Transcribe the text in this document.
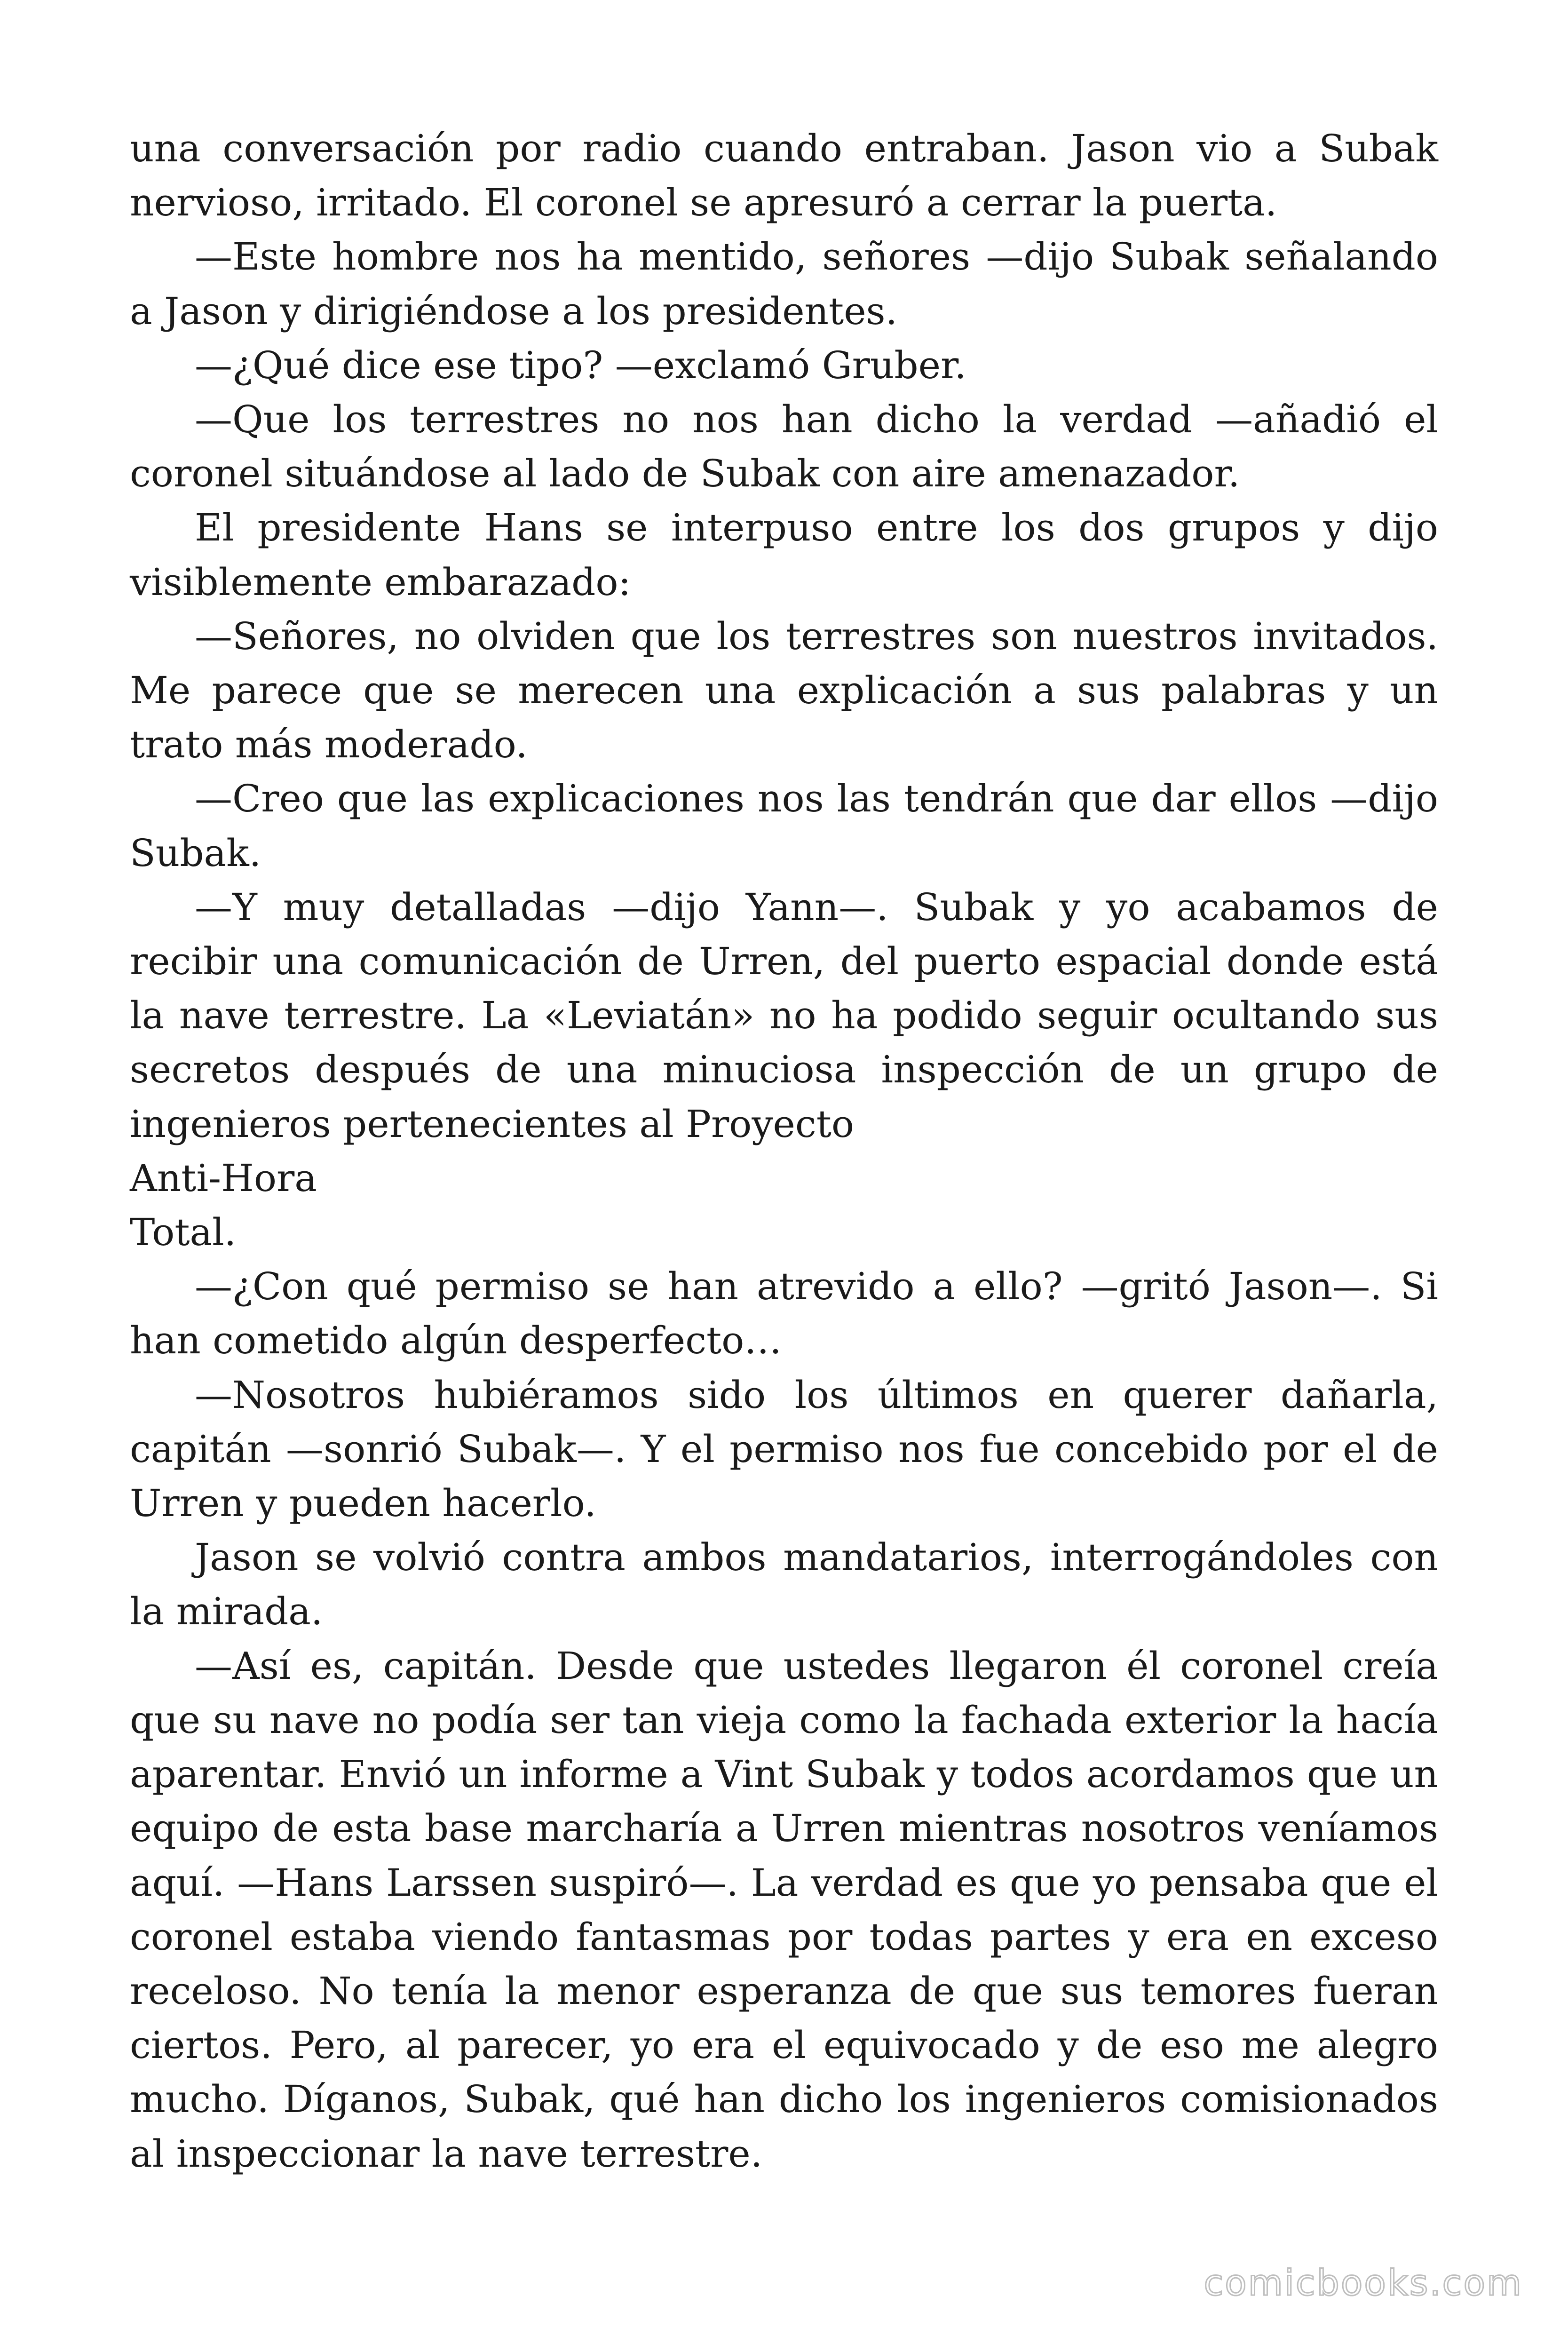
una conversación por radio cuando entraban. Jason vio a Subak nervioso, irritado. El coronel se apresuró a cerrar la puerta.

—Este hombre nos ha mentido, señores —dijo Subak señalando a Jason y dirigiéndose a los presidentes.

—¿Qué dice ese tipo? —exclamó Gruber.

—Que los terrestres no nos han dicho la verdad —añadió el coronel situándose al lado de Subak con aire amenazador.

El presidente Hans se interpuso entre los dos grupos y dijo visiblemente embarazado:

—Señores, no olviden que los terrestres son nuestros invitados. Me parece que se merecen una explicación a sus palabras y un trato más moderado.

—Creo que las explicaciones nos las tendrán que dar ellos —dijo Subak.

—Y muy detalladas —dijo Yann—. Subak y yo acabamos de recibir una comunicación de Urren, del puerto espacial donde está la nave terrestre. La «Leviatán» no ha podido seguir ocultando sus secretos después de una minuciosa inspección de un grupo de ingenieros pertenecientes al Proyecto

Anti-Hora

Total.

—¿Con qué permiso se han atrevido a ello? —gritó Jason—. Si han cometido algún desperfecto…

—Nosotros hubiéramos sido los últimos en querer dañarla, capitán —sonrió Subak—. Y el permiso nos fue concebido por el de Urren y pueden hacerlo.

Jason se volvió contra ambos mandatarios, interrogándoles con la mirada.

—Así es, capitán. Desde que ustedes llegaron él coronel creía que su nave no podía ser tan vieja como la fachada exterior la hacía aparentar. Envió un informe a Vint Subak y todos acordamos que un equipo de esta base marcharía a Urren mientras nosotros veníamos aquí. —Hans Larssen suspiró—. La verdad es que yo pensaba que el coronel estaba viendo fantasmas por todas partes y era en exceso receloso. No tenía la menor esperanza de que sus temores fueran ciertos. Pero, al parecer, yo era el equivocado y de eso me alegro mucho. Díganos, Subak, qué han dicho los ingenieros comisionados al inspeccionar la nave terrestre.

comicbooks.com
